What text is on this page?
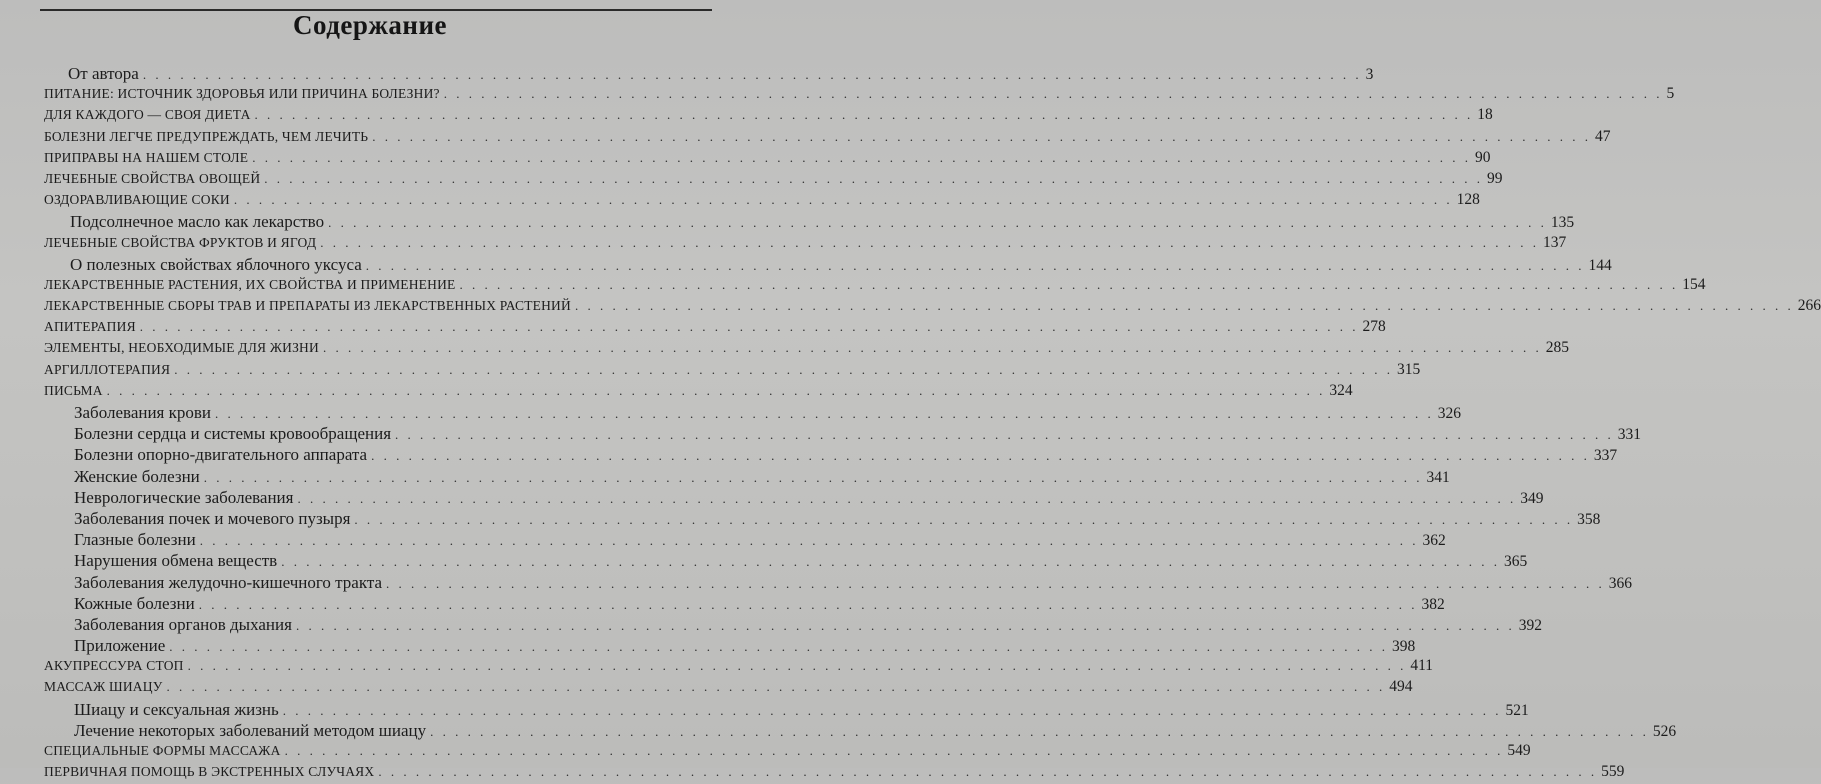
Содержание
От автора . . .	3
ПИТАНИЕ: ИСТОЧНИК ЗДОРОВЬЯ ИЛИ ПРИЧИНА БОЛЕЗНИ? . . .	5
ДЛЯ КАЖДОГО — СВОЯ ДИЕТА . . .	18
БОЛЕЗНИ ЛЕГЧЕ ПРЕДУПРЕЖДАТЬ, ЧЕМ ЛЕЧИТЬ . . .	47
ПРИПРАВЫ НА НАШЕМ СТОЛЕ . . .	90
ЛЕЧЕБНЫЕ СВОЙСТВА ОВОЩЕЙ . . .	99
ОЗДОРАВЛИВАЮЩИЕ СОКИ . . .	128
Подсолнечное масло как лекарство . . .	135
ЛЕЧЕБНЫЕ СВОЙСТВА ФРУКТОВ И ЯГОД . . .	137
О полезных свойствах яблочного уксуса . . .	144
ЛЕКАРСТВЕННЫЕ РАСТЕНИЯ, ИХ СВОЙСТВА И ПРИМЕНЕНИЕ . . .	154
ЛЕКАРСТВЕННЫЕ СБОРЫ ТРАВ И ПРЕПАРАТЫ ИЗ ЛЕКАРСТВЕННЫХ РАСТЕНИЙ . . .	266
АПИТЕРАПИЯ . . .	278
ЭЛЕМЕНТЫ, НЕОБХОДИМЫЕ ДЛЯ ЖИЗНИ . . .	285
АРГИЛЛОТЕРАПИЯ . . .	315
ПИСЬМА . . .	324
Заболевания крови . . .	326
Болезни сердца и системы кровообращения . . .	331
Болезни опорно-двигательного аппарата . . .	337
Женские болезни . . .	341
Неврологические заболевания . . .	349
Заболевания почек и мочевого пузыря . . .	358
Глазные болезни . . .	362
Нарушения обмена веществ . . .	365
Заболевания желудочно-кишечного тракта . . .	366
Кожные болезни . . .	382
Заболевания органов дыхания . . .	392
Приложение . . .	398
АКУПРЕССУРА СТОП . . .	411
МАССАЖ ШИАЦУ . . .	494
Шиацу и сексуальная жизнь . . .	521
Лечение некоторых заболеваний методом шиацу . . .	526
СПЕЦИАЛЬНЫЕ ФОРМЫ МАССАЖА . . .	549
ПЕРВИЧНАЯ ПОМОЩЬ В ЭКСТРЕННЫХ СЛУЧАЯХ . . .	559
